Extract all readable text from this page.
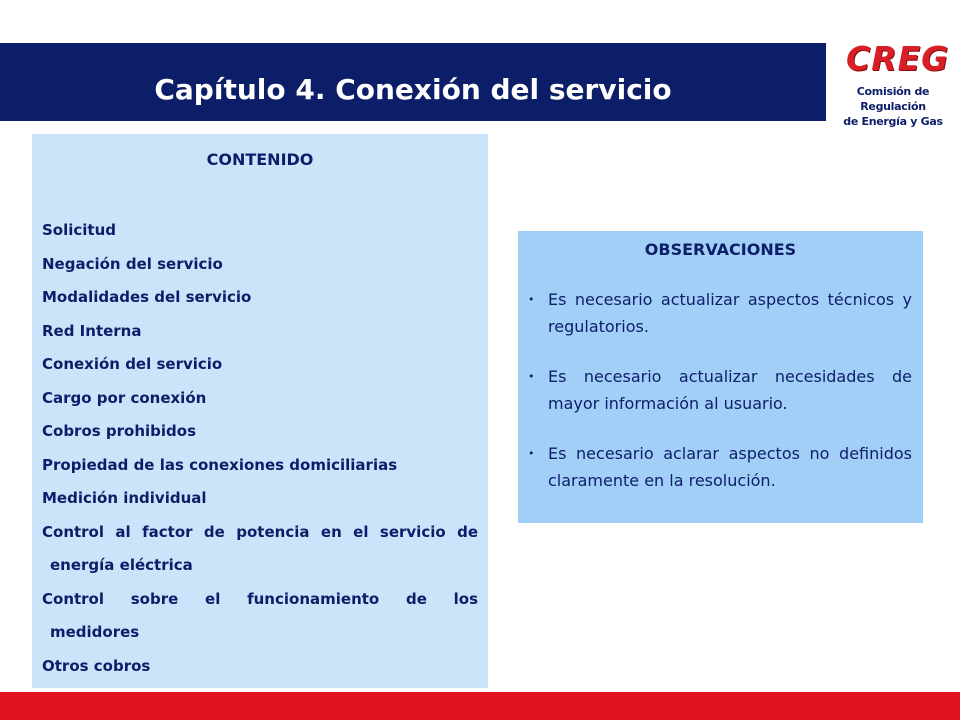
Capítulo 4. Conexión del servicio
CREG
Comisión de Regulación
de Energía y Gas
CONTENIDO
Solicitud
Negación del servicio
Modalidades del servicio
Red Interna
Conexión del servicio
Cargo por conexión
Cobros prohibidos
Propiedad de las conexiones domiciliarias
Medición individual
Control al factor de potencia en el servicio de
energía eléctrica
Control sobre el funcionamiento de los
medidores
Otros cobros
OBSERVACIONES
• Es necesario actualizar aspectos técnicos y regulatorios.
• Es necesario actualizar necesidades de mayor información al usuario.
• Es necesario aclarar aspectos no definidos claramente en la resolución.
